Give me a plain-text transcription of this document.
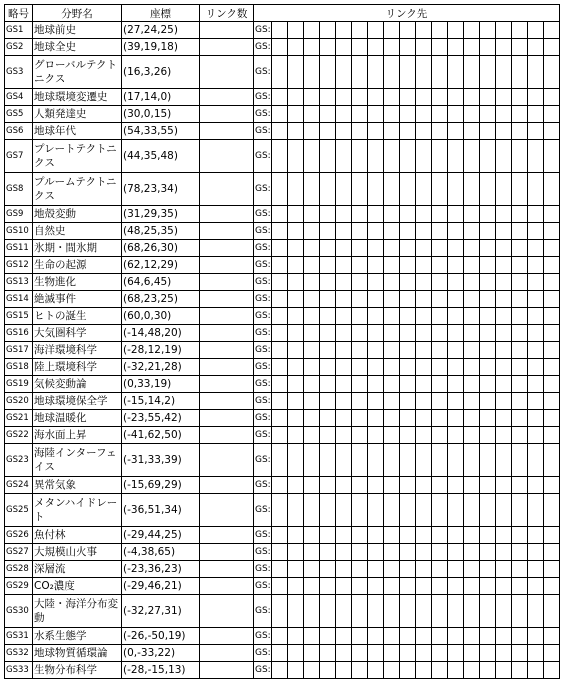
略号	分野名	座標	リンク数	リンク先																		
GS1	地球前史	(27,24,25)		GS:																		
GS2	地球全史	(39,19,18)		GS:																		
GS3	グローバルテクトニクス	(16,3,26)		GS:																		
GS4	地球環境変遷史	(17,14,0)		GS:																		
GS5	人類発達史	(30,0,15)		GS:																		
GS6	地球年代	(54,33,55)		GS:																		
GS7	プレートテクトニクス	(44,35,48)		GS:																		
GS8	プルームテクトニクス	(78,23,34)		GS:																		
GS9	地殻変動	(31,29,35)		GS:																		
GS10	自然史	(48,25,35)		GS:																		
GS11	氷期・間氷期	(68,26,30)		GS:																		
GS12	生命の起源	(62,12,29)		GS:																		
GS13	生物進化	(64,6,45)		GS:																		
GS14	絶滅事件	(68,23,25)		GS:																		
GS15	ヒトの誕生	(60,0,30)		GS:																		
GS16	大気圏科学	(-14,48,20)		GS:																		
GS17	海洋環境科学	(-28,12,19)		GS:																		
GS18	陸上環境科学	(-32,21,28)		GS:																		
GS19	気候変動論	(0,33,19)		GS:																		
GS20	地球環境保全学	(-15,14,2)		GS:																		
GS21	地球温暖化	(-23,55,42)		GS:																		
GS22	海水面上昇	(-41,62,50)		GS:																		
GS23	海陸インターフェイス	(-31,33,39)		GS:																		
GS24	異常気象	(-15,69,29)		GS:																		
GS25	メタンハイドレート	(-36,51,34)		GS:																		
GS26	魚付林	(-29,44,25)		GS:																		
GS27	大規模山火事	(-4,38,65)		GS:																		
GS28	深層流	(-23,36,23)		GS:																		
GS29	CO₂濃度	(-29,46,21)		GS:																		
GS30	大陸・海洋分布変動	(-32,27,31)		GS:																		
GS31	水系生態学	(-26,-50,19)		GS:																		
GS32	地球物質循環論	(0,-33,22)		GS:																		
GS33	生物分布科学	(-28,-15,13)		GS:																		
